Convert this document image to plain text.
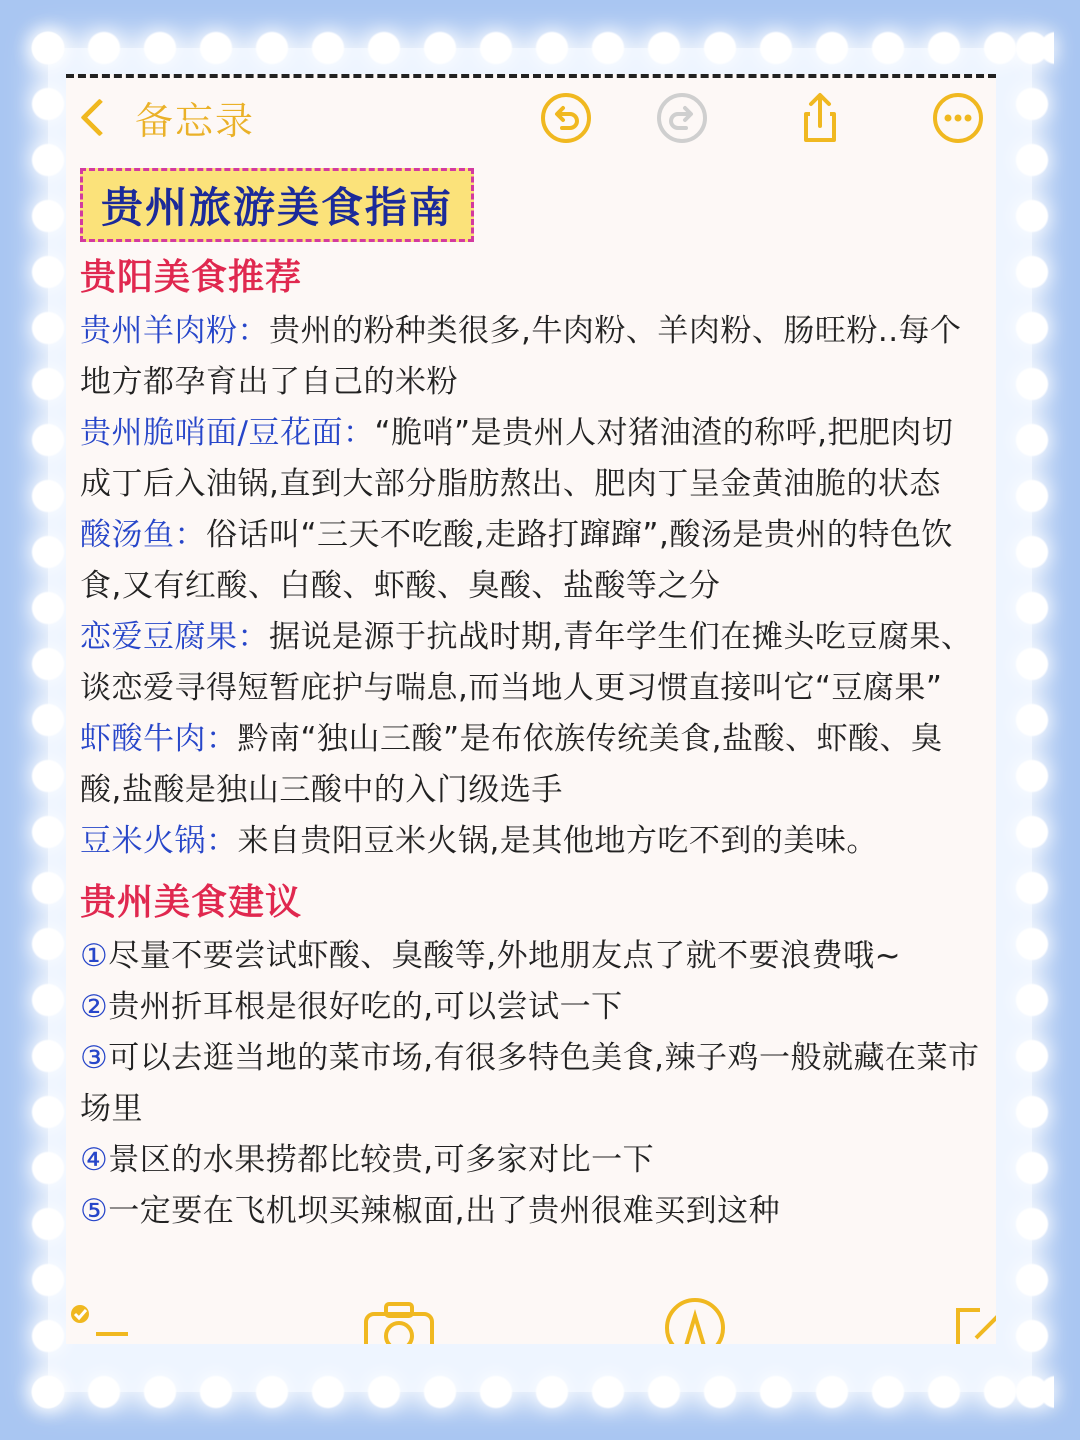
备忘录
贵州旅游美食指南
贵阳美食推荐
贵州羊肉粉：贵州的粉种类很多,牛肉粉、羊肉粉、肠旺粉..每个地方都孕育出了自己的米粉
贵州脆哨面/豆花面：“脆哨”是贵州人对猪油渣的称呼,把肥肉切成丁后入油锅,直到大部分脂肪熬出、肥肉丁呈金黄油脆的状态
酸汤鱼：俗话叫“三天不吃酸,走路打蹿蹿”,酸汤是贵州的特色饮食,又有红酸、白酸、虾酸、臭酸、盐酸等之分
恋爱豆腐果：据说是源于抗战时期,青年学生们在摊头吃豆腐果、谈恋爱寻得短暂庇护与喘息,而当地人更习惯直接叫它“豆腐果”
虾酸牛肉：黔南“独山三酸”是布依族传统美食,盐酸、虾酸、臭酸,盐酸是独山三酸中的入门级选手
豆米火锅：来自贵阳豆米火锅,是其他地方吃不到的美味。
贵州美食建议
①尽量不要尝试虾酸、臭酸等,外地朋友点了就不要浪费哦~
②贵州折耳根是很好吃的,可以尝试一下
③可以去逛当地的菜市场,有很多特色美食,辣子鸡一般就藏在菜市场里
④景区的水果捞都比较贵,可多家对比一下
⑤一定要在飞机坝买辣椒面,出了贵州很难买到这种
